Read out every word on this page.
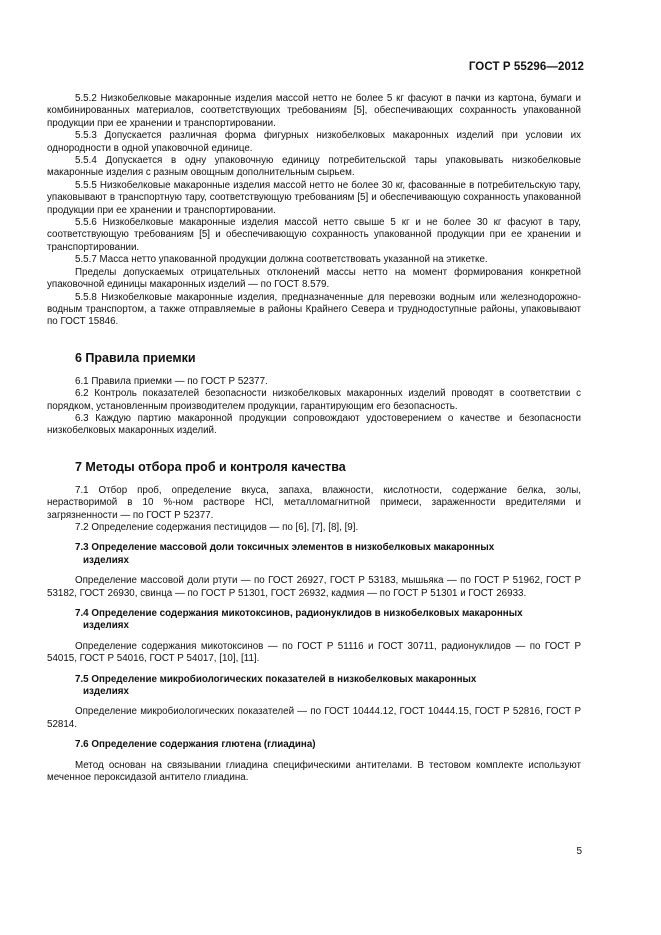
ГОСТ Р 55296—2012

5.5.2 Низкобелковые макаронные изделия массой нетто не более 5 кг фасуют в пачки из картона, бумаги и комбинированных материалов, соответствующих требованиям [5], обеспечивающих сохранность упакованной продукции при ее хранении и транспортировании.

5.5.3 Допускается различная форма фигурных низкобелковых макаронных изделий при условии их однородности в одной упаковочной единице.

5.5.4 Допускается в одну упаковочную единицу потребительской тары упаковывать низкобелковые макаронные изделия с разным овощным дополнительным сырьем.

5.5.5 Низкобелковые макаронные изделия массой нетто не более 30 кг, фасованные в потребительскую тару, упаковывают в транспортную тару, соответствующую требованиям [5] и обеспечивающую сохранность упакованной продукции при ее хранении и транспортировании.

5.5.6 Низкобелковые макаронные изделия массой нетто свыше 5 кг и не более 30 кг фасуют в тару, соответствующую требованиям [5] и обеспечивающую сохранность упакованной продукции при ее хранении и транспортировании.

5.5.7 Масса нетто упакованной продукции должна соответствовать указанной на этикетке.

Пределы допускаемых отрицательных отклонений массы нетто на момент формирования конкретной упаковочной единицы макаронных изделий — по ГОСТ 8.579.

5.5.8 Низкобелковые макаронные изделия, предназначенные для перевозки водным или железнодорожно-водным транспортом, а также отправляемые в районы Крайнего Севера и труднодоступные районы, упаковывают по ГОСТ 15846.

6 Правила приемки

6.1 Правила приемки — по ГОСТ Р 52377.

6.2 Контроль показателей безопасности низкобелковых макаронных изделий проводят в соответствии с порядком, установленным производителем продукции, гарантирующим его безопасность.

6.3 Каждую партию макаронной продукции сопровождают удостоверением о качестве и безопасности низкобелковых макаронных изделий.

7 Методы отбора проб и контроля качества

7.1 Отбор проб, определение вкуса, запаха, влажности, кислотности, содержание белка, золы, нерастворимой в 10 %-ном растворе HCl, металломагнитной примеси, зараженности вредителями и загрязненности — по ГОСТ Р 52377.

7.2 Определение содержания пестицидов — по [6], [7], [8], [9].

7.3 Определение массовой доли токсичных элементов в низкобелковых макаронных
изделиях

Определение массовой доли ртути — по ГОСТ 26927, ГОСТ Р 53183, мышьяка — по ГОСТ Р 51962, ГОСТ Р 53182, ГОСТ 26930, свинца — по ГОСТ Р 51301, ГОСТ 26932, кадмия — по ГОСТ Р 51301 и ГОСТ 26933.

7.4 Определение содержания микотоксинов, радионуклидов в низкобелковых макаронных
изделиях

Определение содержания микотоксинов — по ГОСТ Р 51116 и ГОСТ 30711, радионуклидов — по ГОСТ Р 54015, ГОСТ Р 54016, ГОСТ Р 54017, [10], [11].

7.5 Определение микробиологических показателей в низкобелковых макаронных
изделиях

Определение микробиологических показателей — по ГОСТ 10444.12, ГОСТ 10444.15, ГОСТ Р 52816, ГОСТ Р 52814.

7.6 Определение содержания глютена (глиадина)

Метод основан на связывании глиадина специфическими антителами. В тестовом комплекте используют меченное пероксидазой антитело глиадина.

5
